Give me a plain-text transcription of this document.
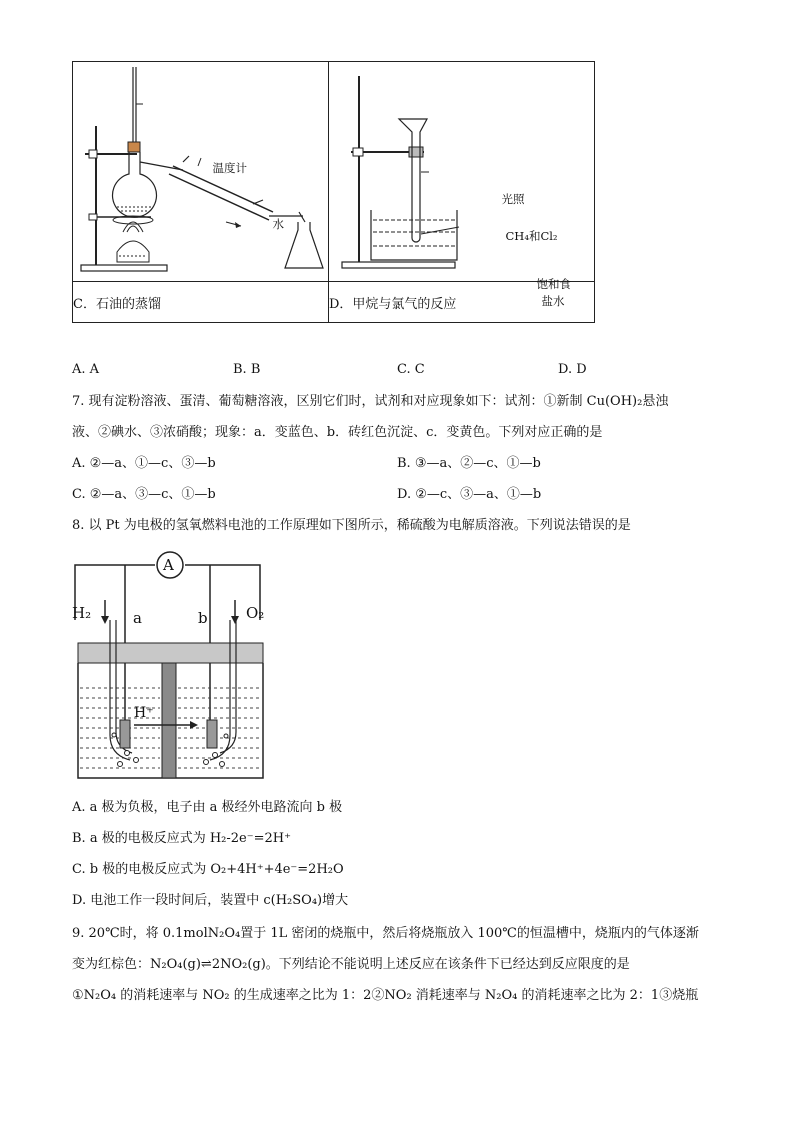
温度计
水	光照
CH₄和Cl₂
饱和食
盐水

C．石油的蒸馏	D．甲烷与氯气的反应
A. A	B. B	C. C	D. D
7. 现有淀粉溶液、蛋清、葡萄糖溶液，区别它们时，试剂和对应现象如下：试剂：①新制 Cu(OH)₂悬浊
液、②碘水、③浓硝酸；现象：a．变蓝色、b．砖红色沉淀、c．变黄色。下列对应正确的是
A. ②—a、①—c、③—b	B. ③—a、②—c、①—b
C. ②—a、③—c、①—b	D. ②—c、③—a、①—b
8. 以 Pt 为电极的氢氧燃料电池的工作原理如下图所示，稀硫酸为电解质溶液。下列说法错误的是
A
H₂	a	b	O₂
H⁺
A. a 极为负极，电子由 a 极经外电路流向 b 极
B. a 极的电极反应式为 H₂-2e⁻=2H⁺
C. b 极的电极反应式为 O₂+4H⁺+4e⁻=2H₂O
D. 电池工作一段时间后，装置中 c(H₂SO₄)增大
9. 20℃时，将 0.1molN₂O₄置于 1L 密闭的烧瓶中，然后将烧瓶放入 100℃的恒温槽中，烧瓶内的气体逐渐
变为红棕色：N₂O₄(g)⇌2NO₂(g)。下列结论不能说明上述反应在该条件下已经达到反应限度的是
①N₂O₄ 的消耗速率与 NO₂ 的生成速率之比为 1：2②NO₂ 消耗速率与 N₂O₄ 的消耗速率之比为 2：1③烧瓶
